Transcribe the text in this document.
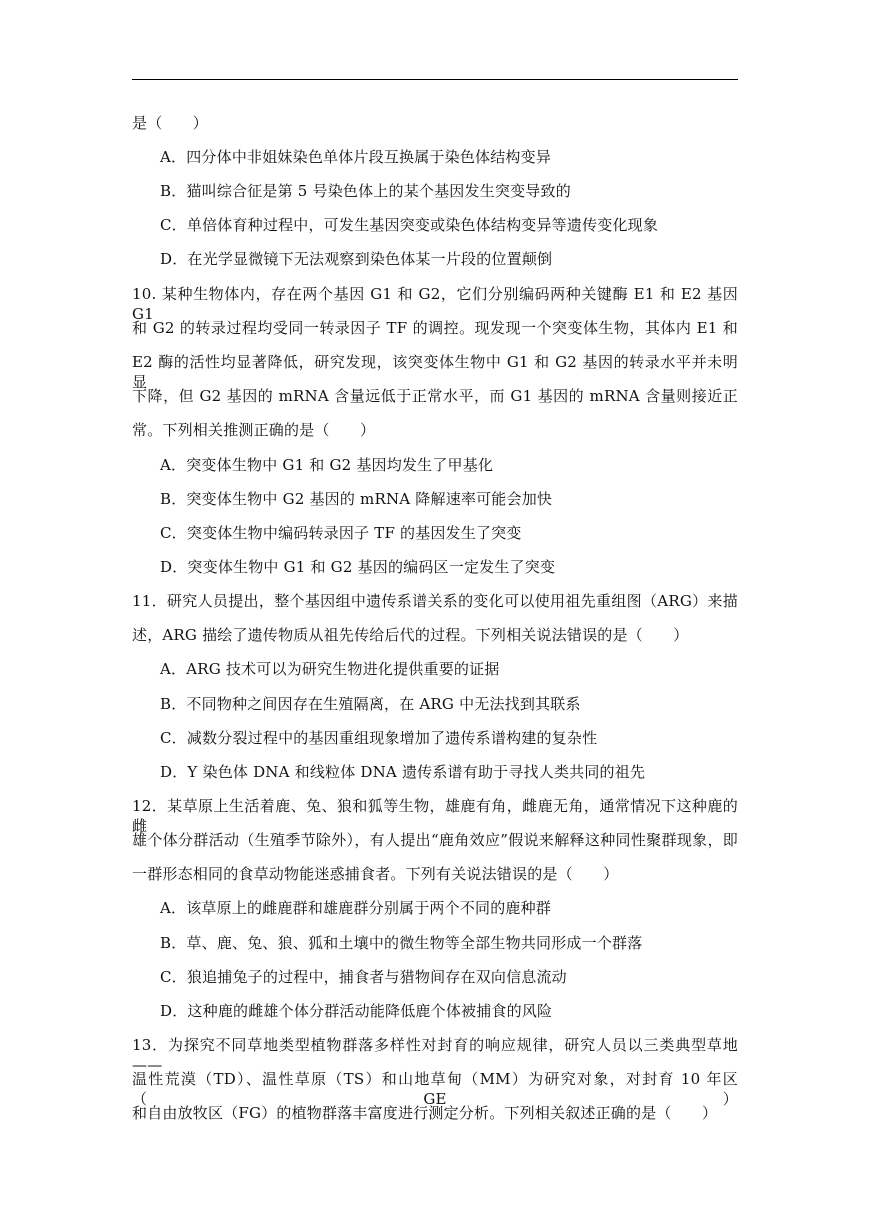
是（　　）
A．四分体中非姐妹染色单体片段互换属于染色体结构变异
B．猫叫综合征是第 5 号染色体上的某个基因发生突变导致的
C．单倍体育种过程中，可发生基因突变或染色体结构变异等遗传变化现象
D．在光学显微镜下无法观察到染色体某一片段的位置颠倒
10. 某种生物体内，存在两个基因 G1 和 G2，它们分别编码两种关键酶 E1 和 E2 基因 G1
和 G2 的转录过程均受同一转录因子 TF 的调控。现发现一个突变体生物，其体内 E1 和
E2 酶的活性均显著降低，研究发现，该突变体生物中 G1 和 G2 基因的转录水平并未明显
下降，但 G2 基因的 mRNA 含量远低于正常水平，而 G1 基因的 mRNA 含量则接近正
常。下列相关推测正确的是（　　）
A．突变体生物中 G1 和 G2 基因均发生了甲基化
B．突变体生物中 G2 基因的 mRNA 降解速率可能会加快
C．突变体生物中编码转录因子 TF 的基因发生了突变
D．突变体生物中 G1 和 G2 基因的编码区一定发生了突变
11．研究人员提出，整个基因组中遗传系谱关系的变化可以使用祖先重组图（ARG）来描
述，ARG 描绘了遗传物质从祖先传给后代的过程。下列相关说法错误的是（　　）
A．ARG 技术可以为研究生物进化提供重要的证据
B．不同物种之间因存在生殖隔离，在 ARG 中无法找到其联系
C．减数分裂过程中的基因重组现象增加了遗传系谱构建的复杂性
D．Y 染色体 DNA 和线粒体 DNA 遗传系谱有助于寻找人类共同的祖先
12．某草原上生活着鹿、兔、狼和狐等生物，雄鹿有角，雌鹿无角，通常情况下这种鹿的雌
雄个体分群活动（生殖季节除外），有人提出“鹿角效应”假说来解释这种同性聚群现象，即
一群形态相同的食草动物能迷惑捕食者。下列有关说法错误的是（　　）
A．该草原上的雌鹿群和雄鹿群分别属于两个不同的鹿种群
B．草、鹿、兔、狼、狐和土壤中的微生物等全部生物共同形成一个群落
C．狼追捕兔子的过程中，捕食者与猎物间存在双向信息流动
D．这种鹿的雌雄个体分群活动能降低鹿个体被捕食的风险
13．为探究不同草地类型植物群落多样性对封育的响应规律，研究人员以三类典型草地——
温性荒漠（TD）、温性草原（TS）和山地草甸（MM）为研究对象，对封育 10 年区（GE）
和自由放牧区（FG）的植物群落丰富度进行测定分析。下列相关叙述正确的是（　　）
